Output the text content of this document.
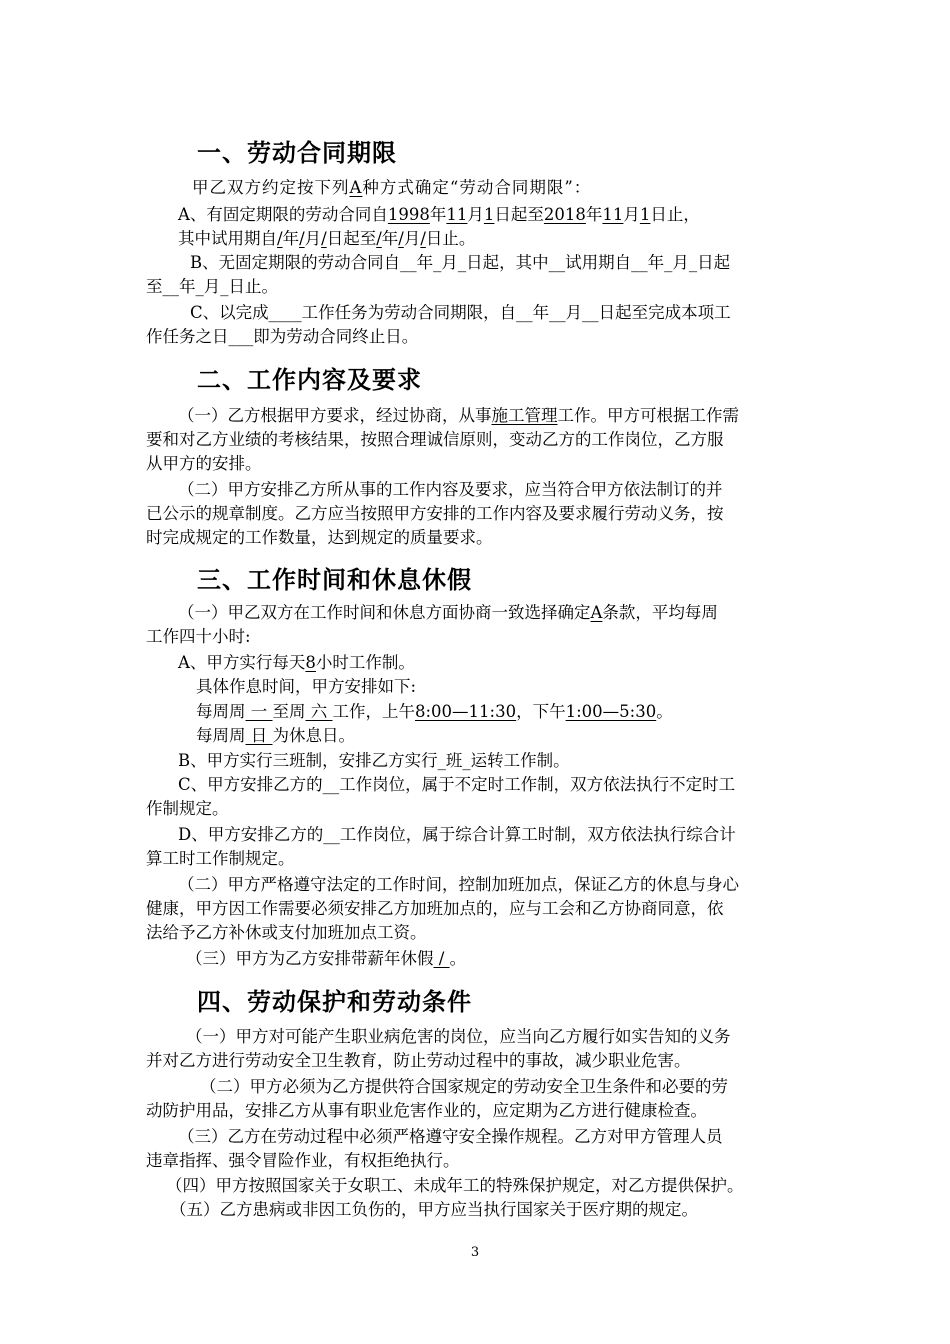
一、劳动合同期限
甲乙双方约定按下列A种方式确定“劳动合同期限”：
A、有固定期限的劳动合同自1998年11月1日起至2018年11月1日止，
其中试用期自/年/月/日起至/年/月/日止。
B、无固定期限的劳动合同自__年_月_日起，其中__试用期自__年_月_日起
至__年_月_日止。
C、以完成____工作任务为劳动合同期限，自__年__月__日起至完成本项工
作任务之日___即为劳动合同终止日。
二、工作内容及要求
（一）乙方根据甲方要求，经过协商，从事施工管理工作。甲方可根据工作需
要和对乙方业绩的考核结果，按照合理诚信原则，变动乙方的工作岗位，乙方服
从甲方的安排。
（二）甲方安排乙方所从事的工作内容及要求，应当符合甲方依法制订的并
已公示的规章制度。乙方应当按照甲方安排的工作内容及要求履行劳动义务，按
时完成规定的工作数量，达到规定的质量要求。
三、工作时间和休息休假
（一）甲乙双方在工作时间和休息方面协商一致选择确定A条款，平均每周
工作四十小时:
A、甲方实行每天8小时工作制。
具体作息时间，甲方安排如下:
每周周 一 至周 六 工作，上午8:00—11:30，下午1:00—5:30。
每周周 日 为休息日。
B、甲方实行三班制，安排乙方实行_班_运转工作制。
C、甲方安排乙方的__工作岗位，属于不定时工作制，双方依法执行不定时工
作制规定。
D、甲方安排乙方的__工作岗位，属于综合计算工时制，双方依法执行综合计
算工时工作制规定。
（二）甲方严格遵守法定的工作时间，控制加班加点，保证乙方的休息与身心
健康，甲方因工作需要必须安排乙方加班加点的，应与工会和乙方协商同意，依
法给予乙方补休或支付加班加点工资。
（三）甲方为乙方安排带薪年休假 / 。
四、劳动保护和劳动条件
（一）甲方对可能产生职业病危害的岗位，应当向乙方履行如实告知的义务
并对乙方进行劳动安全卫生教育，防止劳动过程中的事故，减少职业危害。
（二）甲方必须为乙方提供符合国家规定的劳动安全卫生条件和必要的劳
动防护用品，安排乙方从事有职业危害作业的，应定期为乙方进行健康检查。
（三）乙方在劳动过程中必须严格遵守安全操作规程。乙方对甲方管理人员
违章指挥、强令冒险作业，有权拒绝执行。
（四）甲方按照国家关于女职工、未成年工的特殊保护规定，对乙方提供保护。
（五）乙方患病或非因工负伤的，甲方应当执行国家关于医疗期的规定。
3
